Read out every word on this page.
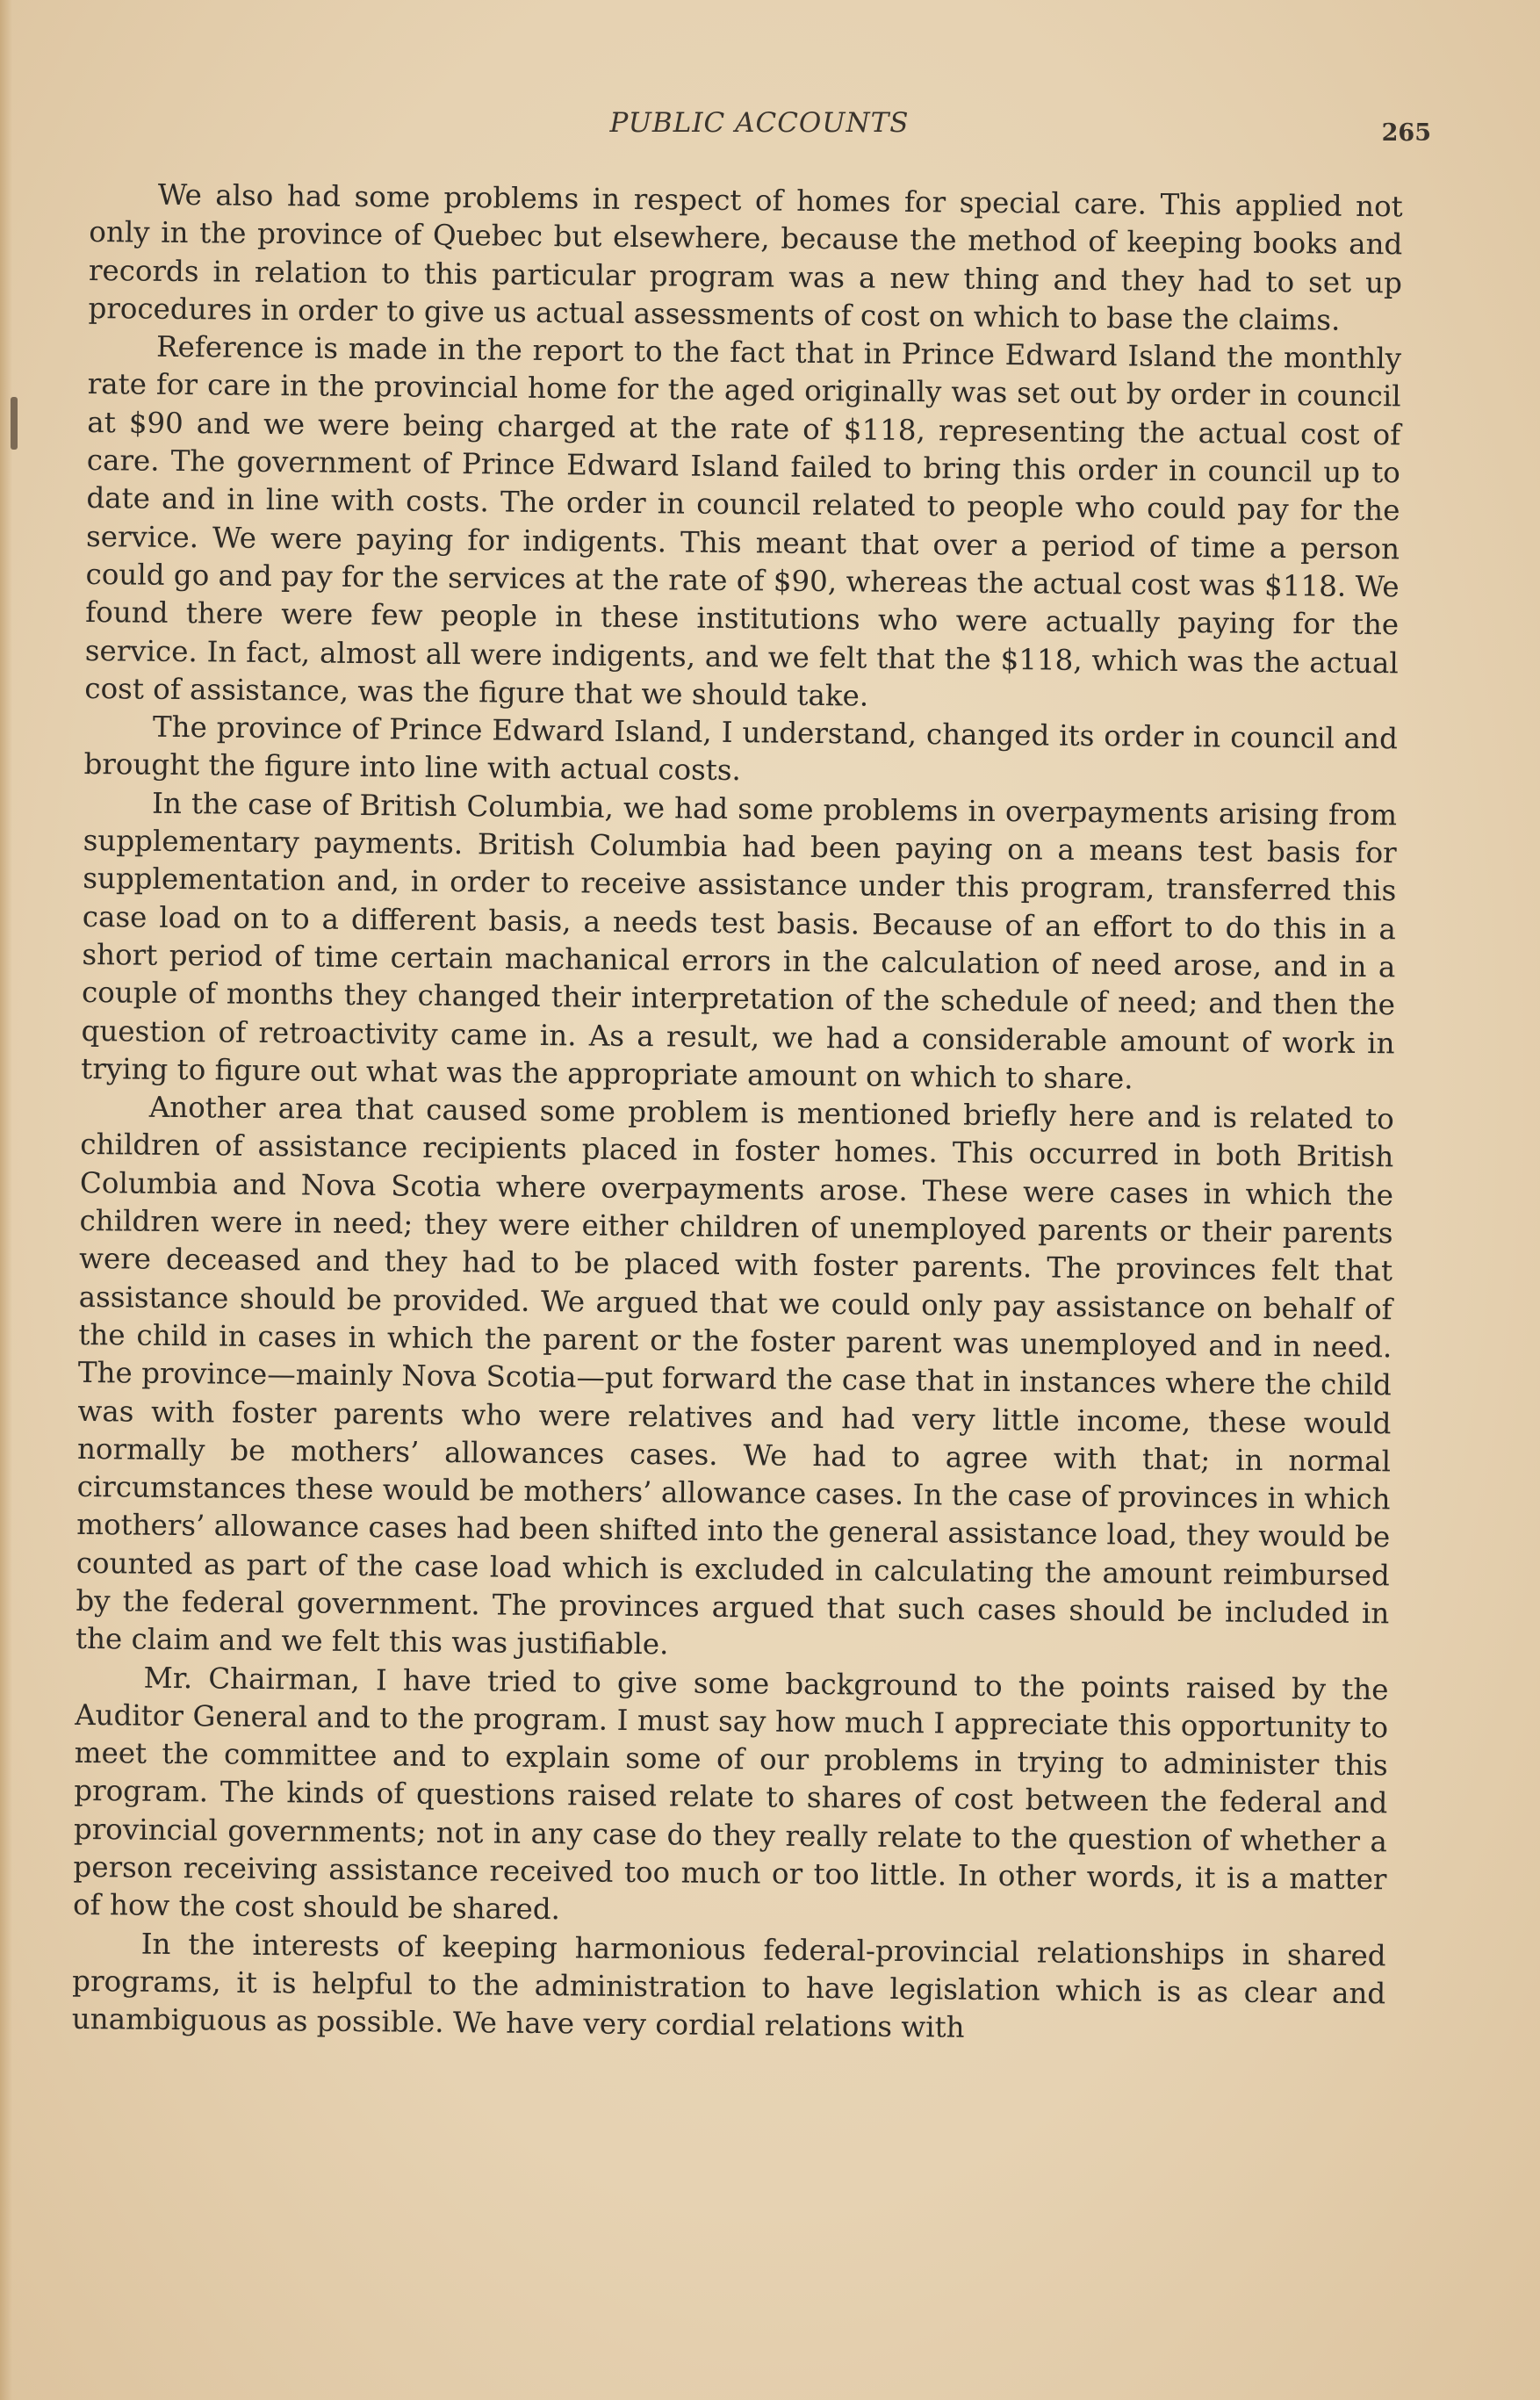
PUBLIC ACCOUNTS	265

We also had some problems in respect of homes for special care. This applied not only in the province of Quebec but elsewhere, because the method of keeping books and records in relation to this particular program was a new thing and they had to set up procedures in order to give us actual assessments of cost on which to base the claims.

Reference is made in the report to the fact that in Prince Edward Island the monthly rate for care in the provincial home for the aged originally was set out by order in council at $90 and we were being charged at the rate of $118, representing the actual cost of care. The government of Prince Edward Island failed to bring this order in council up to date and in line with costs. The order in council related to people who could pay for the service. We were paying for indigents. This meant that over a period of time a person could go and pay for the services at the rate of $90, whereas the actual cost was $118. We found there were few people in these institutions who were actually paying for the service. In fact, almost all were indigents, and we felt that the $118, which was the actual cost of assistance, was the figure that we should take.

The province of Prince Edward Island, I understand, changed its order in council and brought the figure into line with actual costs.

In the case of British Columbia, we had some problems in overpayments arising from supplementary payments. British Columbia had been paying on a means test basis for supplementation and, in order to receive assistance under this program, transferred this case load on to a different basis, a needs test basis. Because of an effort to do this in a short period of time certain machanical errors in the calculation of need arose, and in a couple of months they changed their interpretation of the schedule of need; and then the question of retroactivity came in. As a result, we had a considerable amount of work in trying to figure out what was the appropriate amount on which to share.

Another area that caused some problem is mentioned briefly here and is related to children of assistance recipients placed in foster homes. This occurred in both British Columbia and Nova Scotia where overpayments arose. These were cases in which the children were in need; they were either children of unemployed parents or their parents were deceased and they had to be placed with foster parents. The provinces felt that assistance should be provided. We argued that we could only pay assistance on behalf of the child in cases in which the parent or the foster parent was unemployed and in need. The province—mainly Nova Scotia—put forward the case that in instances where the child was with foster parents who were relatives and had very little income, these would normally be mothers’ allowances cases. We had to agree with that; in normal circumstances these would be mothers’ allowance cases. In the case of provinces in which mothers’ allowance cases had been shifted into the general assistance load, they would be counted as part of the case load which is excluded in calculating the amount reimbursed by the federal government. The provinces argued that such cases should be included in the claim and we felt this was justifiable.

Mr. Chairman, I have tried to give some background to the points raised by the Auditor General and to the program. I must say how much I appreciate this opportunity to meet the committee and to explain some of our problems in trying to administer this program. The kinds of questions raised relate to shares of cost between the federal and provincial governments; not in any case do they really relate to the question of whether a person receiving assistance received too much or too little. In other words, it is a matter of how the cost should be shared.

In the interests of keeping harmonious federal-provincial relationships in shared programs, it is helpful to the administration to have legislation which is as clear and unambiguous as possible. We have very cordial relations with
